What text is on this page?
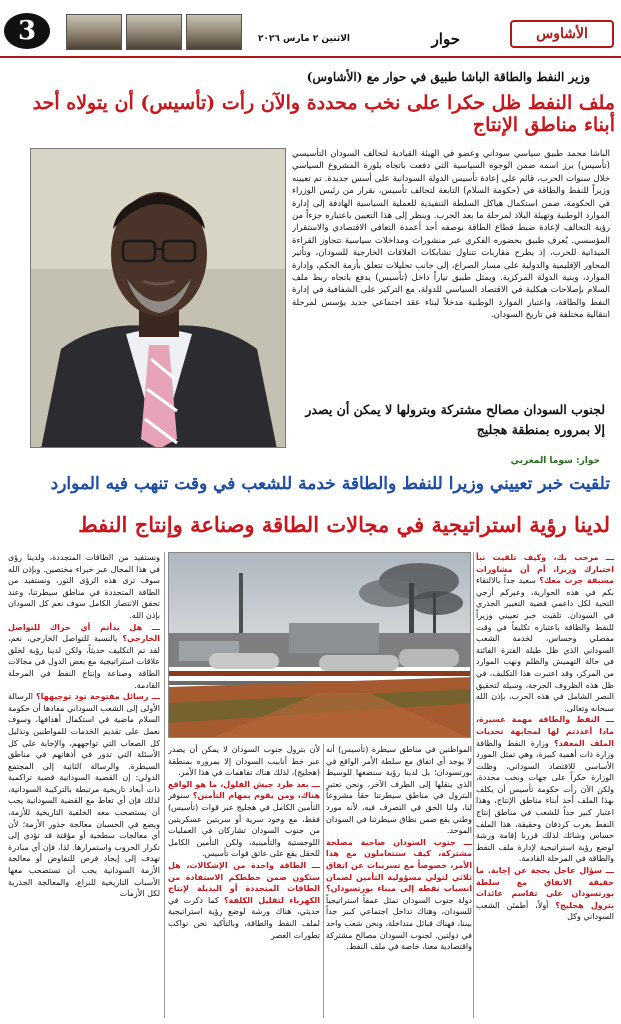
3	الاثنين ٢ مارس ٢٠٢٦	حوار	الأشاوس
وزير النفط والطاقة الباشا طبيق في حوار مع (الأشاوس)
ملف النفط ظل حكرا على نخب محددة والآن رأت (تأسيس) أن يتولاه أحد أبناء مناطق الإنتاج
الباشا محمد طبيق سياسي سوداني وعضو في الهيئة القيادية لتحالف السودان التأسيسي (تأسيس) برز اسمه ضمن الوجوه السياسية التي دفعت باتجاه بلورة المشروع السياسي خلال سنوات الحرب، قائم على إعادة تأسيس الدولة السودانية على أسس جديدة. تم تعيينه وزيراً للنفط والطاقة في (حكومة السلام) التابعة لتحالف تأسيس، بقرار من رئيس الوزراء في الحكومة، ضمن استكمال هياكل السلطة التنفيذية للعملية السياسية الهادفة إلى إدارة الموارد الوطنية وتهيئة البلاد لمرحلة ما بعد الحرب. وينظر إلى هذا التعيين باعتباره جزءاً من رؤية التحالف لإعادة ضبط قطاع الطاقة بوصفه أحد أعمدة التعافي الاقتصادي والاستقرار المؤسسي. يُعرف طبيق بحضوره الفكري عبر منشورات ومداخلات سياسية تتجاوز القراءة الميدانية للحرب، إذ يطرح مقاربات تتناول تشابكات العلاقات الخارجية للسودان، وتأثير المحاور الإقليمية والدولية على مسار الصراع، إلى جانب تحليلات تتعلق بأزمة الحكم، وإدارة الموارد، وبنية الدولة المركزية. ويمثل طبيق تياراً داخل (تأسيس) يدفع باتجاه ربط ملف السلام بإصلاحات هيكلية في الاقتصاد السياسي للدولة، مع التركيز على الشفافية في إدارة النفط والطاقة، واعتبار الموارد الوطنية مدخلاً لبناء عقد اجتماعي جديد يؤسس لمرحلة انتقالية مختلفة في تاريخ السودان.
لجنوب السودان مصالح مشتركة وبترولها لا يمكن أن يصدر إلا بمروره بمنطقة هجليج
حوار: سوما المغربي
تلقيت خبر تعييني وزيرا للنفط والطاقة خدمة للشعب في وقت تنهب فيه الموارد
لدينا رؤية استراتيجية في مجالات الطاقة وصناعة وإنتاج النفط
ـــ مرحب بك، وكيف تلقيت نبأ اختيارك وزيرا، أم أن مشاورات مسبقة جرت معك؟ سعيد جداً بالالتقاء بكم في هذه الحوارية، وعبركم أزجي التحية لكل داعمي قضية التغيير الجذري في السودان. تلقيت خبر تعييني وزيراً للنفط والطاقة باعتباره تكليفاً في وقت مفصلي وحساس، لخدمة الشعب السوداني الذي ظل طيلة الفترة الفائتة في حالة التهميش والظلم ونهب الموارد من المركز، وقد اعتبرت هذا التكليف، في ظل هذه الظروف الحرجة، وسيلة لتحقيق النصر الشامل في هذه الحرب، بإذن الله سبحانه وتعالى.
ـــ النفط والطاقة مهمة عسيرة، ماذا أعددتم لها لمجابهة تحديات الملف المعقد؟ وزارة النفط والطاقة وزارة ذات أهمية كبيرة، وهي تمثل المورد الأساسي للاقتصاد السوداني، وظلت الوزارة حكراً على جهات ونخب محددة، ولكن الآن رأت حكومة تأسيس أن يكلف بهذا الملف أحد أبناء مناطق الإنتاج، وهذا اعتبار كبير جداً للشعب في مناطق إنتاج النفط بغرب كردفان وحقيقة، هذا الملف حساس وشائك لذلك قررنا إقامة ورشة لوضع رؤية استراتيجية لإدارة ملف النفط والطاقة في المرحلة القادمة.
ـــ سؤال عاجل بحجة عن إجابة. ما حقيقة الاتفاق مع سلطة بورتسودان على تقاسم عائدات بترول هجليج؟ أولاً، أطمئن الشعب السوداني وكل
المواطنين في مناطق سيطرة (تأسيس) أنه لا يوجد أي اتفاق مع سلطة الأمر الواقع في بورتسودان؛ بل لدينا رؤية سنضعها للوسيط الذي ينقلها إلى الطرف الآخر، ونحن نعتبر البترول في مناطق سيطرتنا حقاً مشروعاً لنا، ولنا الحق في التصرف فيه، لأنه مورد وطني يقع ضمن نطاق سيطرتنا في السودان الموحد.
ـــ جنوب السودان صاحبة مصلحة مشتركة، كيف ستتعاملون مع هذا الأمر، خصوصاً مع تسريبات عن اتفاق ثلاثي لتولي مسؤولية التأمين لضمان انسياب نفطه إلى ميناء بورتسودان؟ دولة جنوب السودان تمثل عمقاً استراتيجياً للسودان، وهناك تداخل اجتماعي كبير جداً بيننا، فهناك قبائل متداخلة، ونحن شعب واحد في دولتين. لجنوب السودان مصالح مشتركة واقتصادية معنا، خاصة في ملف النفط.
لأن بترول جنوب السودان لا يمكن أن يصدر عبر خط أنابيب السودان إلا بمروره بمنطقة (هجليج)، لذلك هناك تفاهمات في هذا الأمر.
ـــ بعد طرد جيش الفلول، ما هو الواقع هناك، ومن يقوم بمهام التأمين؟ سنوفر التأمين الكامل في هجليج عبر قوات (تأسيس) فقط، مع وجود سرية أو سريتين عسكريتين من جنوب السودان تشاركان في العمليات اللوجستية والتأمينية، ولكن التأمين الكامل للحقل يقع على عاتق قوات تأسيس.
ـــ الطاقة واحدة من الإشكالات، هل ستكون ضمن خططكم الاستفادة من الطاقات المتجددة أو البديلة لإنتاج الكهرباء لتقليل الكلفة؟ كما ذكرت في حديثي، هناك ورشة لوضع رؤية استراتيجية لملف النفط والطاقة، وبالتأكيد نحن نواكب تطورات العصر
ونستفيد من الطاقات المتجددة، ولدينا رؤى في هذا المجال عبر خبراء مختصين. وبإذن الله سوف ترى هذه الرؤى النور، ونستفيد من الطاقة المتجددة في مناطق سيطرتنا، وعند تحقق الانتصار الكامل سوف نعم كل السودان بإذن الله.
ـــ هل بدأتم أي حراك للتواصل الخارجي؟ بالنسبة للتواصل الخارجي، نعم، لقد تم التكليف حديثاً، ولكن لدينا رؤية لخلق علاقات استراتيجية مع بعض الدول في مجالات الطاقة وصناعة وإنتاج النفط في المرحلة القادمة.
ـــ رسائل مفتوحة تود توجيهها؟ الرسالة الأولى إلى الشعب السوداني مفادها أن حكومة السلام ماضية في استكمال أهدافها، وسوف نعمل على تقديم الخدمات للمواطنين وتذليل كل الصعاب التي تواجههم، والإجابة على كل الأسئلة التي تدور في أذهانهم في مناطق السيطرة. والرسالة الثانية إلى المجتمع الدولي: إن القضية السودانية قضية تراكمية ذات أبعاد تاريخية مرتبطة بالتركيبة السودانية، لذلك فإن أي تعاط مع القضية السودانية يجب أن يستصحب معه الخلفية التاريخية للأزمة، ويضع في الحسبان معالجة جذور الأزمة؛ لأن أي معالجات سطحية أو مؤقتة قد تؤدي إلى تكرار الحروب واستمرارها. لذا، فإن أي مبادرة تهدف إلى إيجاد فرص للتفاوض أو معالجة الأزمة السودانية يجب أن تستصحب معها الأسباب التاريخية للنزاع، والمعالجة الجذرية لكل الأزمات
